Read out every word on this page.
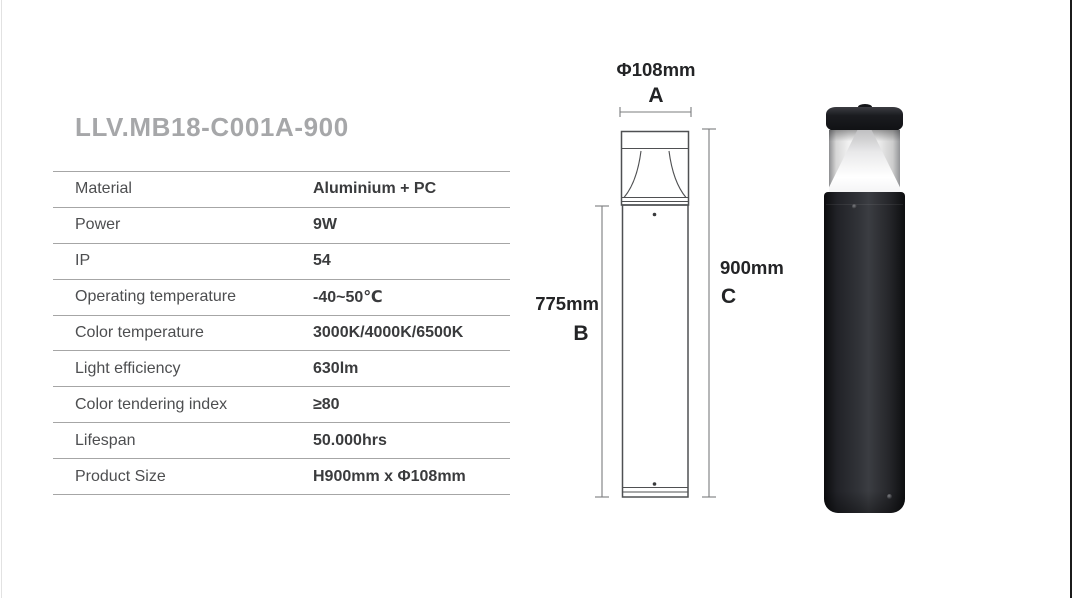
LLV.MB18-C001A-900
Material	Aluminium + PC
Power	9W
IP	54
Operating temperature	-40~50℃
Color temperature	3000K/4000K/6500K
Light efficiency	630lm
Color tendering index	≥80
Lifespan	50.000hrs
Product Size	H900mm x Φ108mm
Φ108mm
A
775mm
B
900mm
C
